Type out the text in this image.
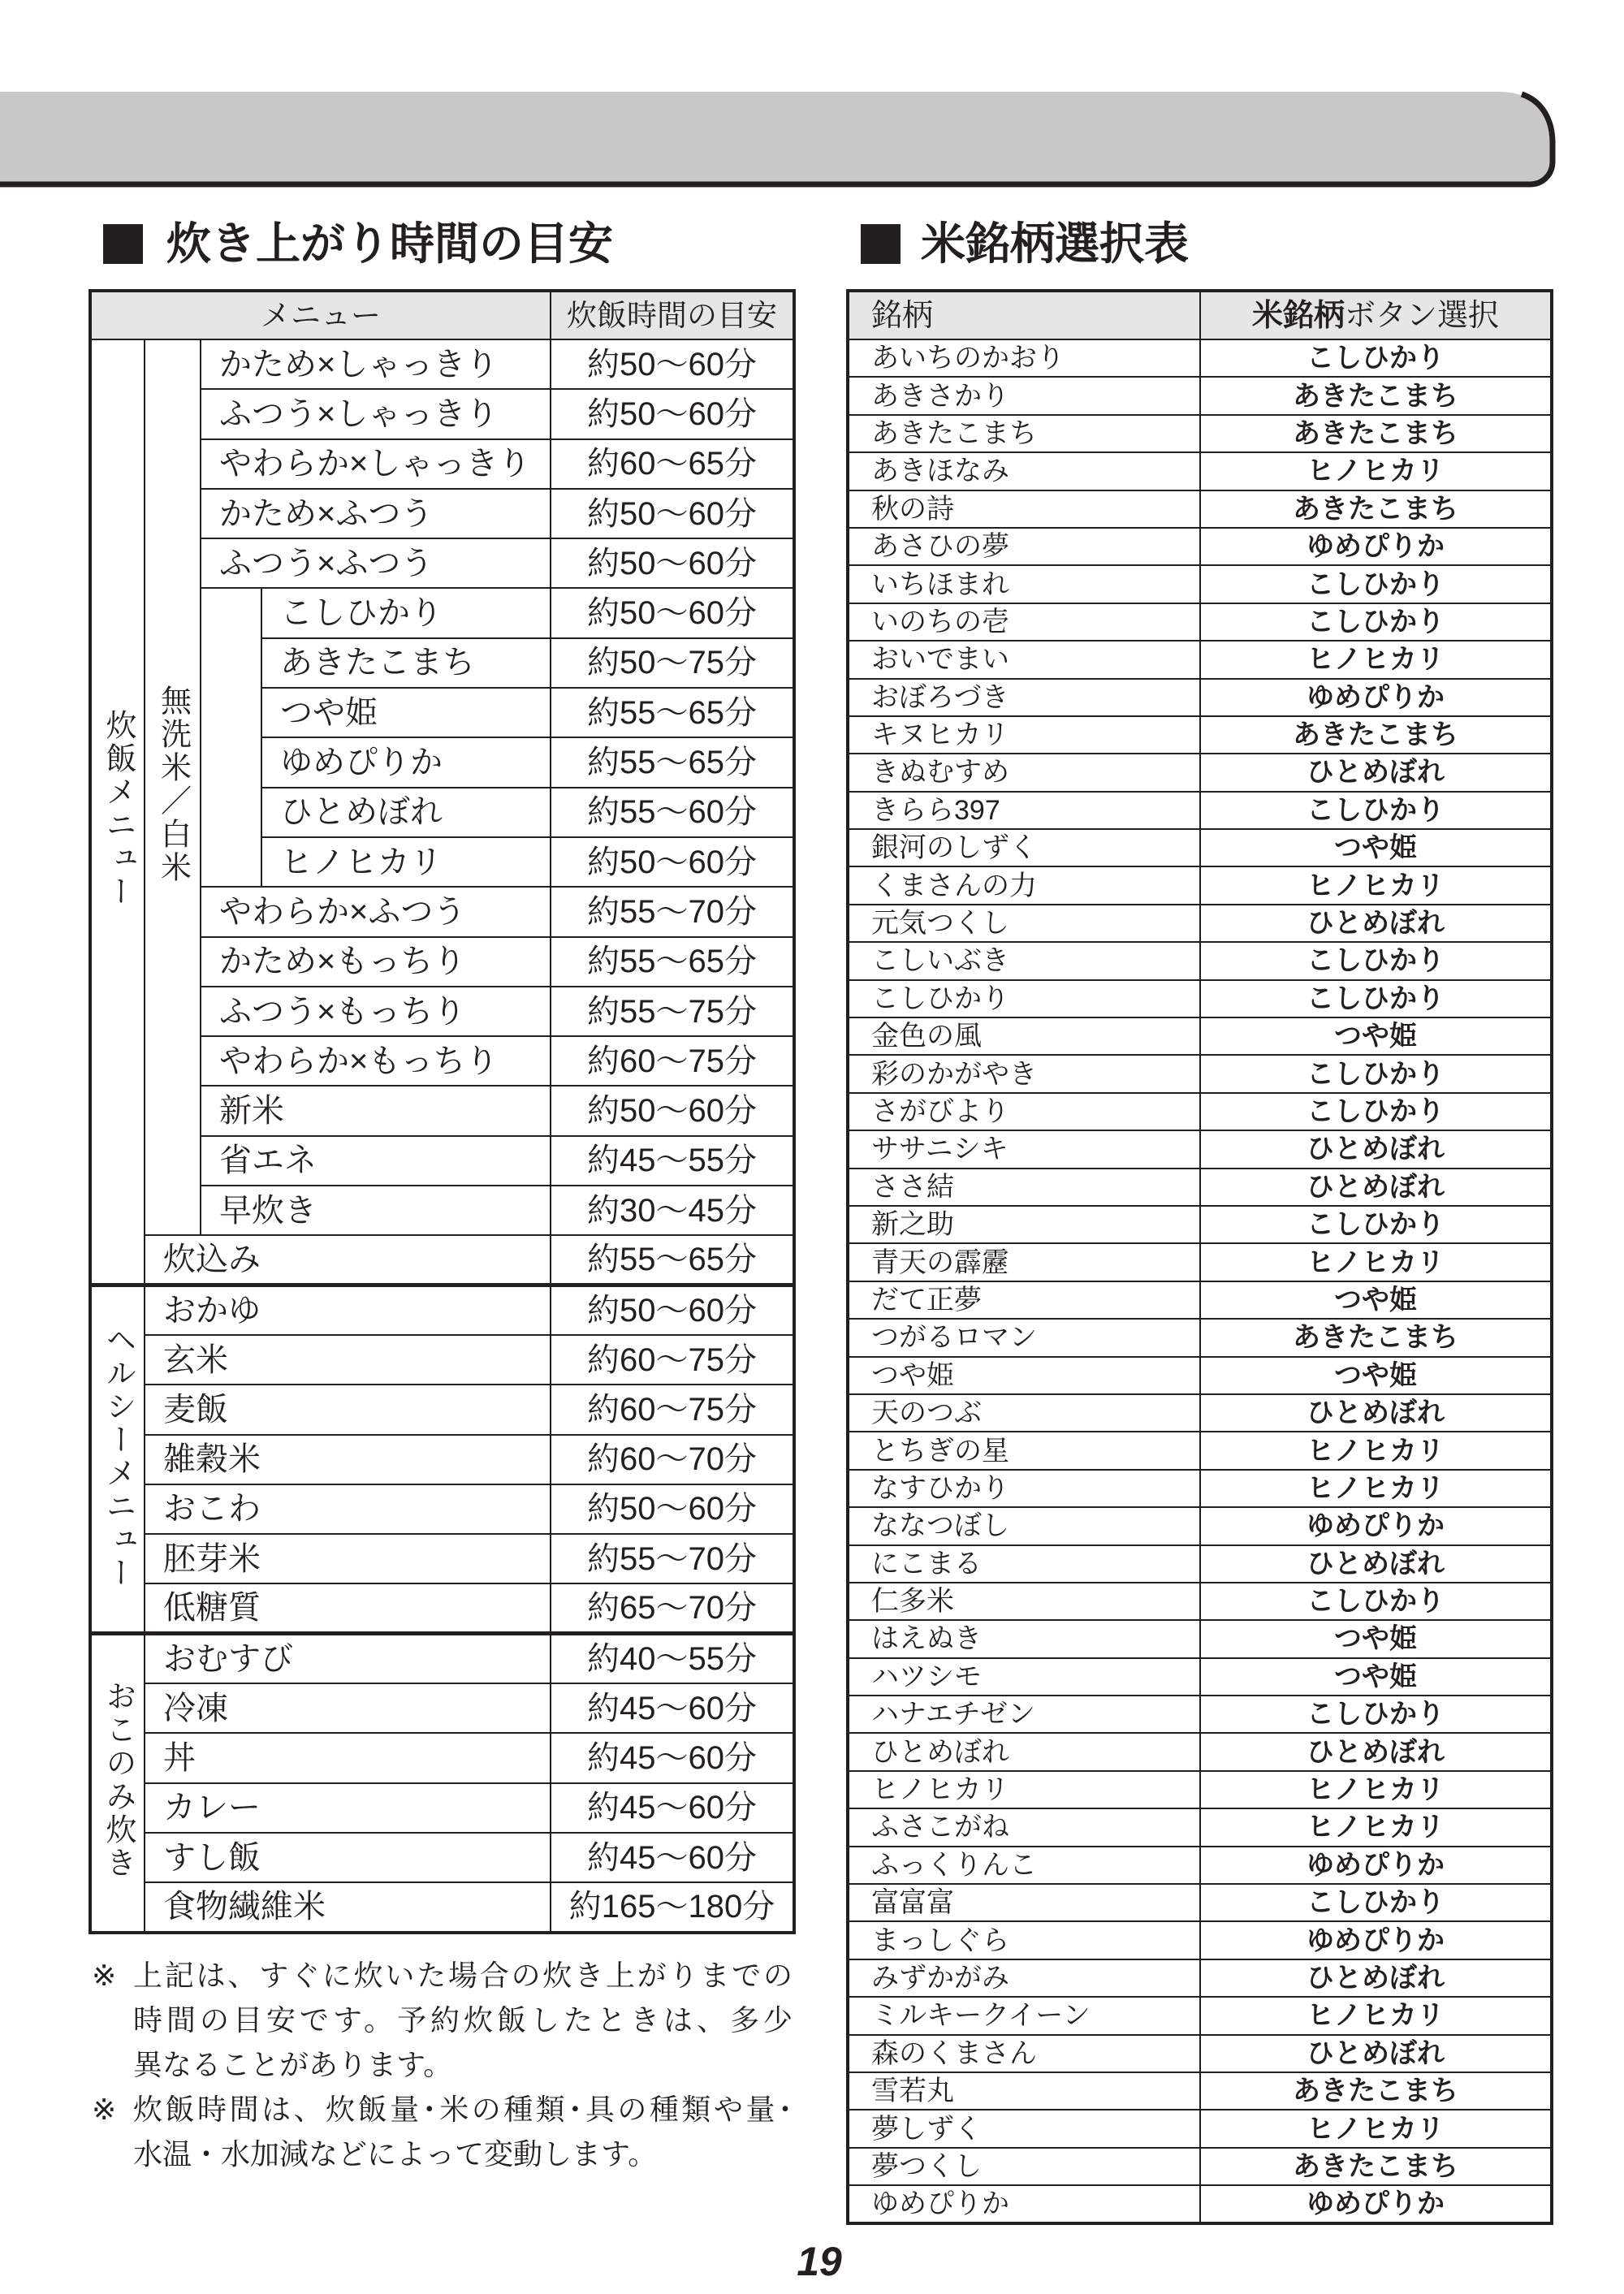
炊き上がり時間の目安	米銘柄選択表
メニュー				炊飯時間の目安
炊飯メニュー	無洗米／白米	かため×しゃっきり		約50～60分
		ふつう×しゃっきり		約50～60分
		やわらか×しゃっきり		約60～65分
		かため×ふつう		約50～60分
		ふつう×ふつう		約50～60分
			こしひかり	約50～60分
			あきたこまち	約50～75分
			つや姫	約55～65分
			ゆめぴりか	約55～65分
			ひとめぼれ	約55～60分
			ヒノヒカリ	約50～60分
		やわらか×ふつう		約55～70分
		かため×もっちり		約55～65分
		ふつう×もっちり		約55～75分
		やわらか×もっちり		約60～75分
		新米		約50～60分
		省エネ		約45～55分
		早炊き		約30～45分
	炊込み			約55～65分
ヘルシーメニュー	おかゆ			約50～60分
	玄米			約60～75分
	麦飯			約60～75分
	雑穀米			約60～70分
	おこわ			約50～60分
	胚芽米			約55～70分
	低糖質			約65～70分
おこのみ炊き	おむすび			約40～55分
	冷凍			約45～60分
	丼			約45～60分
	カレー			約45～60分
	すし飯			約45～60分
	食物繊維米			約165～180分
銘柄	米銘柄ボタン選択
あいちのかおり	こしひかり
あきさかり	あきたこまち
あきたこまち	あきたこまち
あきほなみ	ヒノヒカリ
秋の詩	あきたこまち
あさひの夢	ゆめぴりか
いちほまれ	こしひかり
いのちの壱	こしひかり
おいでまい	ヒノヒカリ
おぼろづき	ゆめぴりか
キヌヒカリ	あきたこまち
きぬむすめ	ひとめぼれ
きらら397	こしひかり
銀河のしずく	つや姫
くまさんの力	ヒノヒカリ
元気つくし	ひとめぼれ
こしいぶき	こしひかり
こしひかり	こしひかり
金色の風	つや姫
彩のかがやき	こしひかり
さがびより	こしひかり
ササニシキ	ひとめぼれ
ささ結	ひとめぼれ
新之助	こしひかり
青天の霹靂	ヒノヒカリ
だて正夢	つや姫
つがるロマン	あきたこまち
つや姫	つや姫
天のつぶ	ひとめぼれ
とちぎの星	ヒノヒカリ
なすひかり	ヒノヒカリ
ななつぼし	ゆめぴりか
にこまる	ひとめぼれ
仁多米	こしひかり
はえぬき	つや姫
ハツシモ	つや姫
ハナエチゼン	こしひかり
ひとめぼれ	ひとめぼれ
ヒノヒカリ	ヒノヒカリ
ふさこがね	ヒノヒカリ
ふっくりんこ	ゆめぴりか
富富富	こしひかり
まっしぐら	ゆめぴりか
みずかがみ	ひとめぼれ
ミルキークイーン	ヒノヒカリ
森のくまさん	ひとめぼれ
雪若丸	あきたこまち
夢しずく	ヒノヒカリ
夢つくし	あきたこまち
ゆめぴりか	ゆめぴりか
※ 上記は、すぐに炊いた場合の炊き上がりまでの
時間の目安です。予約炊飯したときは、多少
異なることがあります。
※ 炊飯時間は、炊飯量･米の種類･具の種類や量･
水温・水加減などによって変動します。
19
